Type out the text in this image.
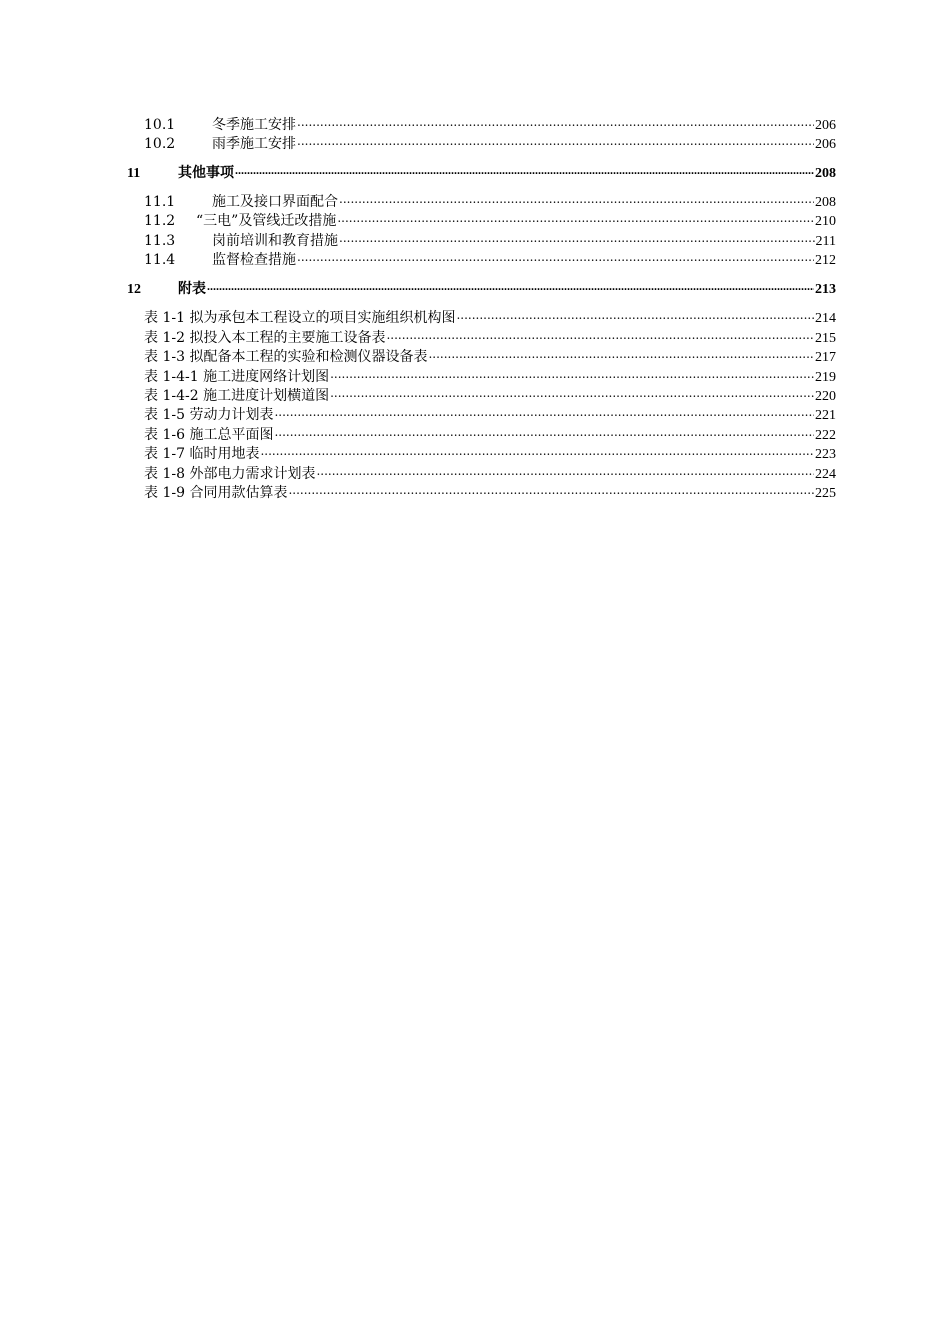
10.1	冬季施工安排 .....	206
10.2	雨季施工安排 .....	206
11	其他事项 .....	208
11.1	施工及接口界面配合 .....	208
11.2	“三电”及管线迁改措施 .....	210
11.3	岗前培训和教育措施 .....	211
11.4	监督检查措施 .....	212
12	附表 .....	213
表 1-1 拟为承包本工程设立的项目实施组织机构图 .....	214
表 1-2 拟投入本工程的主要施工设备表 .....	215
表 1-3 拟配备本工程的实验和检测仪器设备表 .....	217
表 1-4-1 施工进度网络计划图 .....	219
表 1-4-2 施工进度计划横道图 .....	220
表 1-5 劳动力计划表 .....	221
表 1-6 施工总平面图 .....	222
表 1-7 临时用地表 .....	223
表 1-8 外部电力需求计划表 .....	224
表 1-9 合同用款估算表 .....	225
